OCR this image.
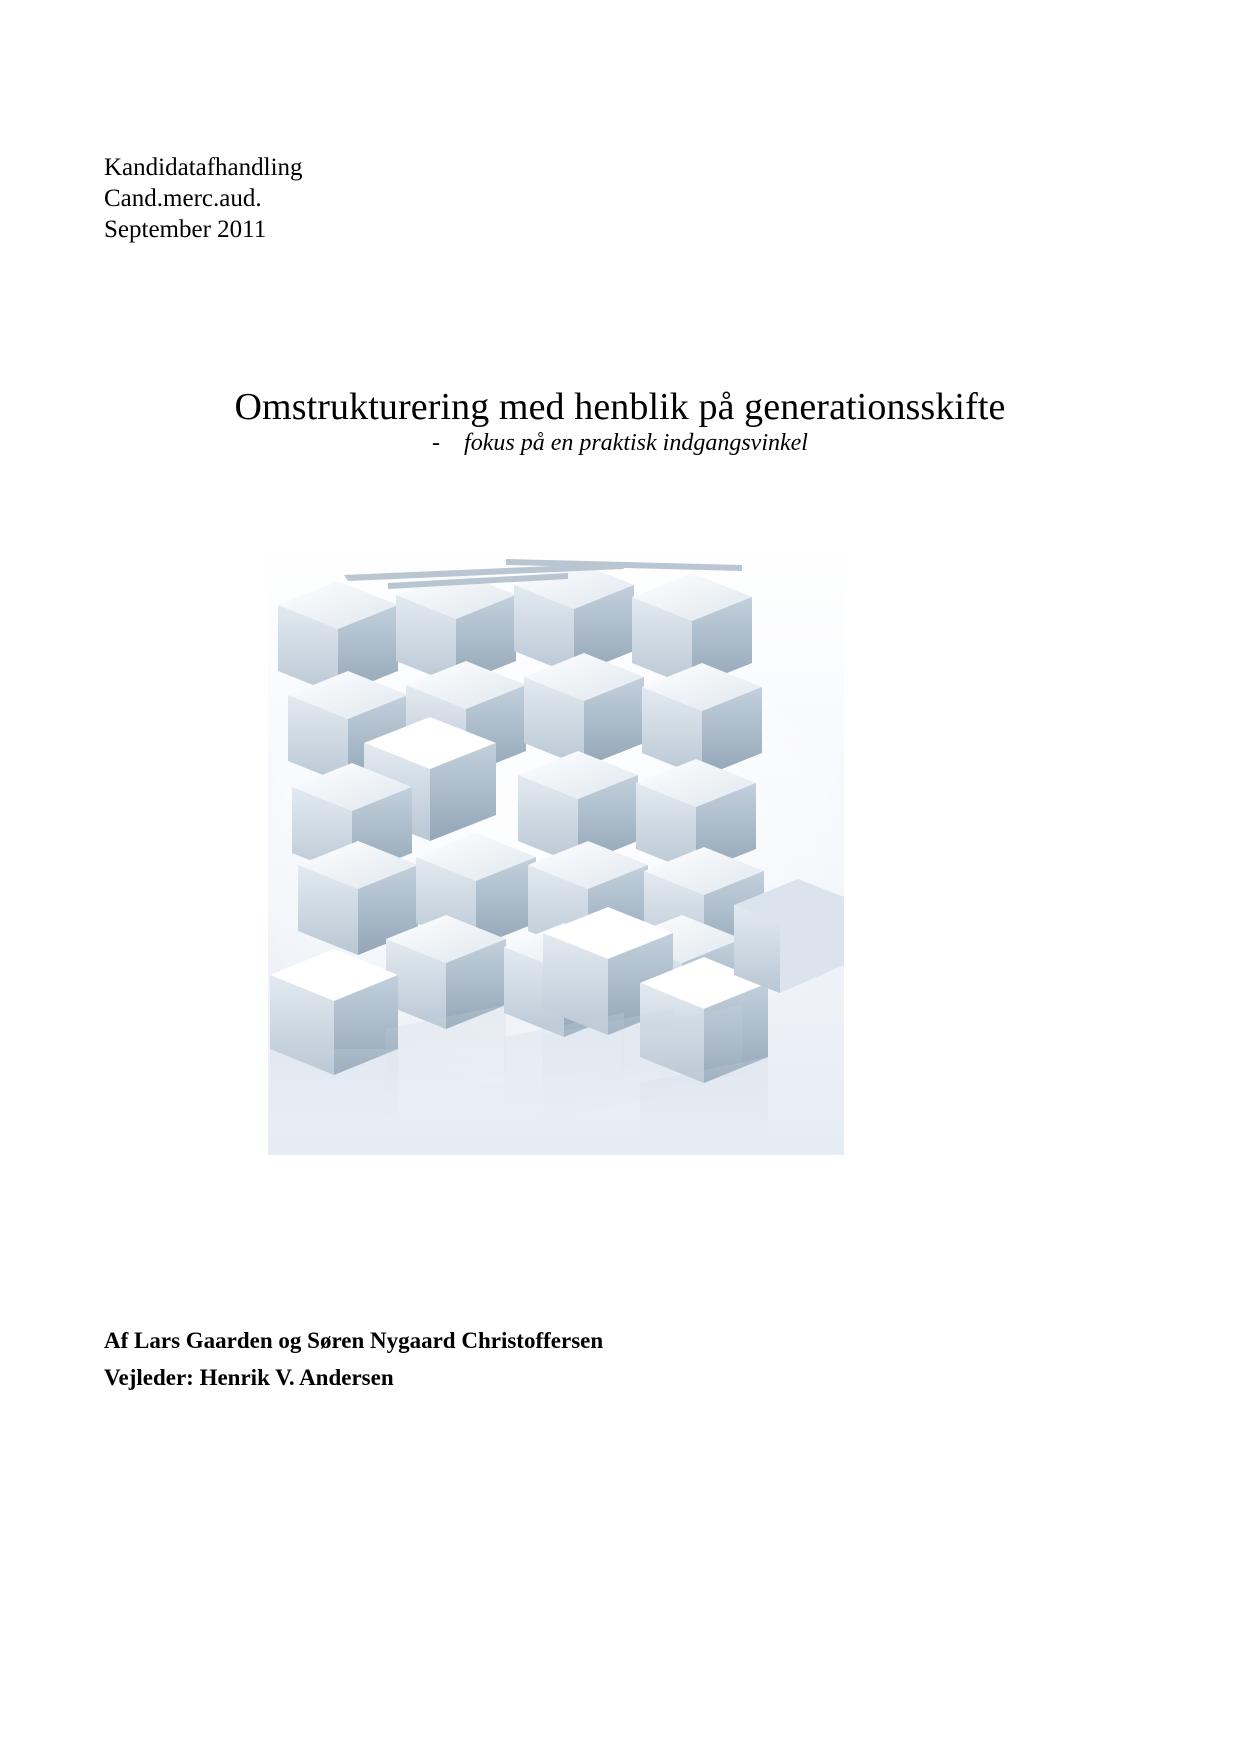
Kandidatafhandling
Cand.merc.aud.
September 2011
Omstrukturering med henblik på generationsskifte
- fokus på en praktisk indgangsvinkel
Af Lars Gaarden og Søren Nygaard Christoffersen
Vejleder: Henrik V. Andersen
